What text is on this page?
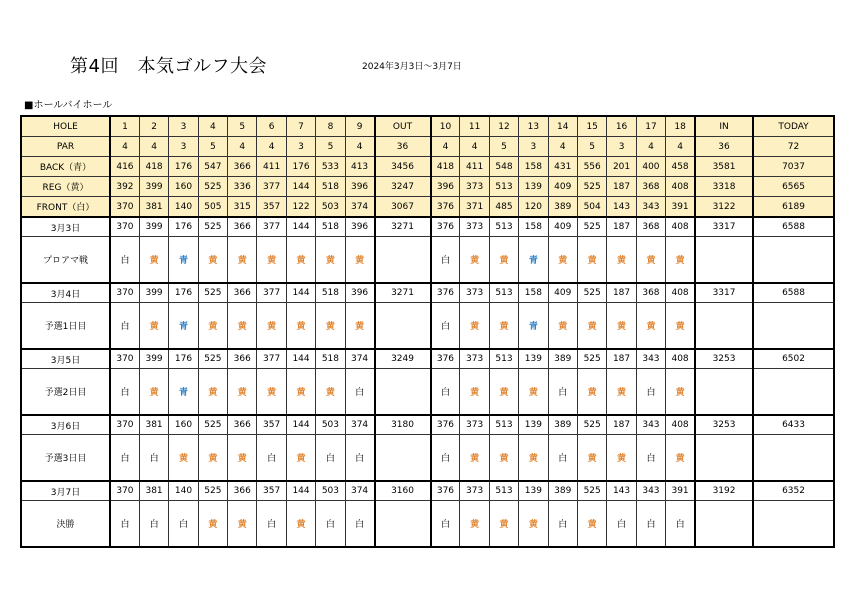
第4回　本気ゴルフ大会	2024年3月3日～3月7日
■ホールバイホール
HOLE	1	2	3	4	5	6	7	8	9	OUT	10	11	12	13	14	15	16	17	18	IN	TODAY
PAR	4	4	3	5	4	4	3	5	4	36	4	4	5	3	4	5	3	4	4	36	72
BACK（青）	416	418	176	547	366	411	176	533	413	3456	418	411	548	158	431	556	201	400	458	3581	7037
REG（黄）	392	399	160	525	336	377	144	518	396	3247	396	373	513	139	409	525	187	368	408	3318	6565
FRONT（白）	370	381	140	505	315	357	122	503	374	3067	376	371	485	120	389	504	143	343	391	3122	6189
3月3日	370	399	176	525	366	377	144	518	396	3271	376	373	513	158	409	525	187	368	408	3317	6588
プロアマ戦	白	黄	青	黄	黄	黄	黄	黄	黄		白	黄	黄	青	黄	黄	黄	黄	黄		
3月4日	370	399	176	525	366	377	144	518	396	3271	376	373	513	158	409	525	187	368	408	3317	6588
予選1日目	白	黄	青	黄	黄	黄	黄	黄	黄		白	黄	黄	青	黄	黄	黄	黄	黄		
3月5日	370	399	176	525	366	377	144	518	374	3249	376	373	513	139	389	525	187	343	408	3253	6502
予選2日目	白	黄	青	黄	黄	黄	黄	黄	白		白	黄	黄	黄	白	黄	黄	白	黄		
3月6日	370	381	160	525	366	357	144	503	374	3180	376	373	513	139	389	525	187	343	408	3253	6433
予選3日目	白	白	黄	黄	黄	白	黄	白	白		白	黄	黄	黄	白	黄	黄	白	黄		
3月7日	370	381	140	525	366	357	144	503	374	3160	376	373	513	139	389	525	143	343	391	3192	6352
決勝	白	白	白	黄	黄	白	黄	白	白		白	黄	黄	黄	白	黄	白	白	白		
